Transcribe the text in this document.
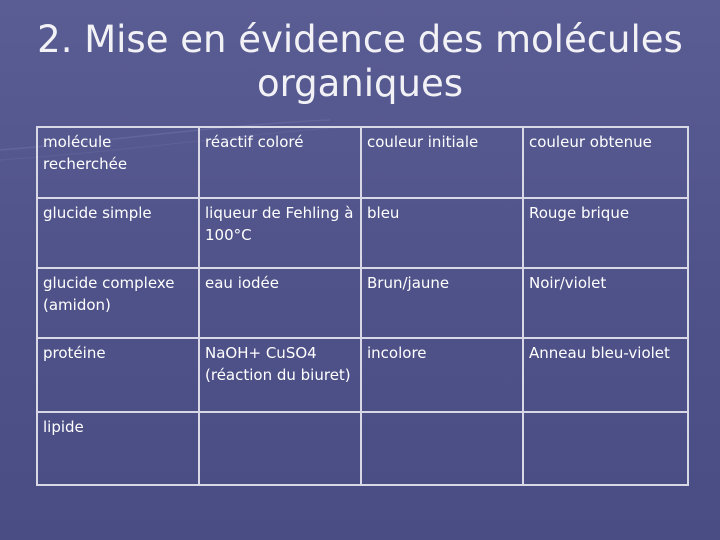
2. Mise en évidence des molécules
organiques
molécule recherchée	réactif coloré	couleur initiale	couleur obtenue
glucide simple	liqueur de Fehling à 100°C	bleu	Rouge brique
glucide complexe (amidon)	eau iodée	Brun/jaune	Noir/violet
protéine	NaOH+ CuSO4 (réaction du biuret)	incolore	Anneau bleu-violet
lipide			
